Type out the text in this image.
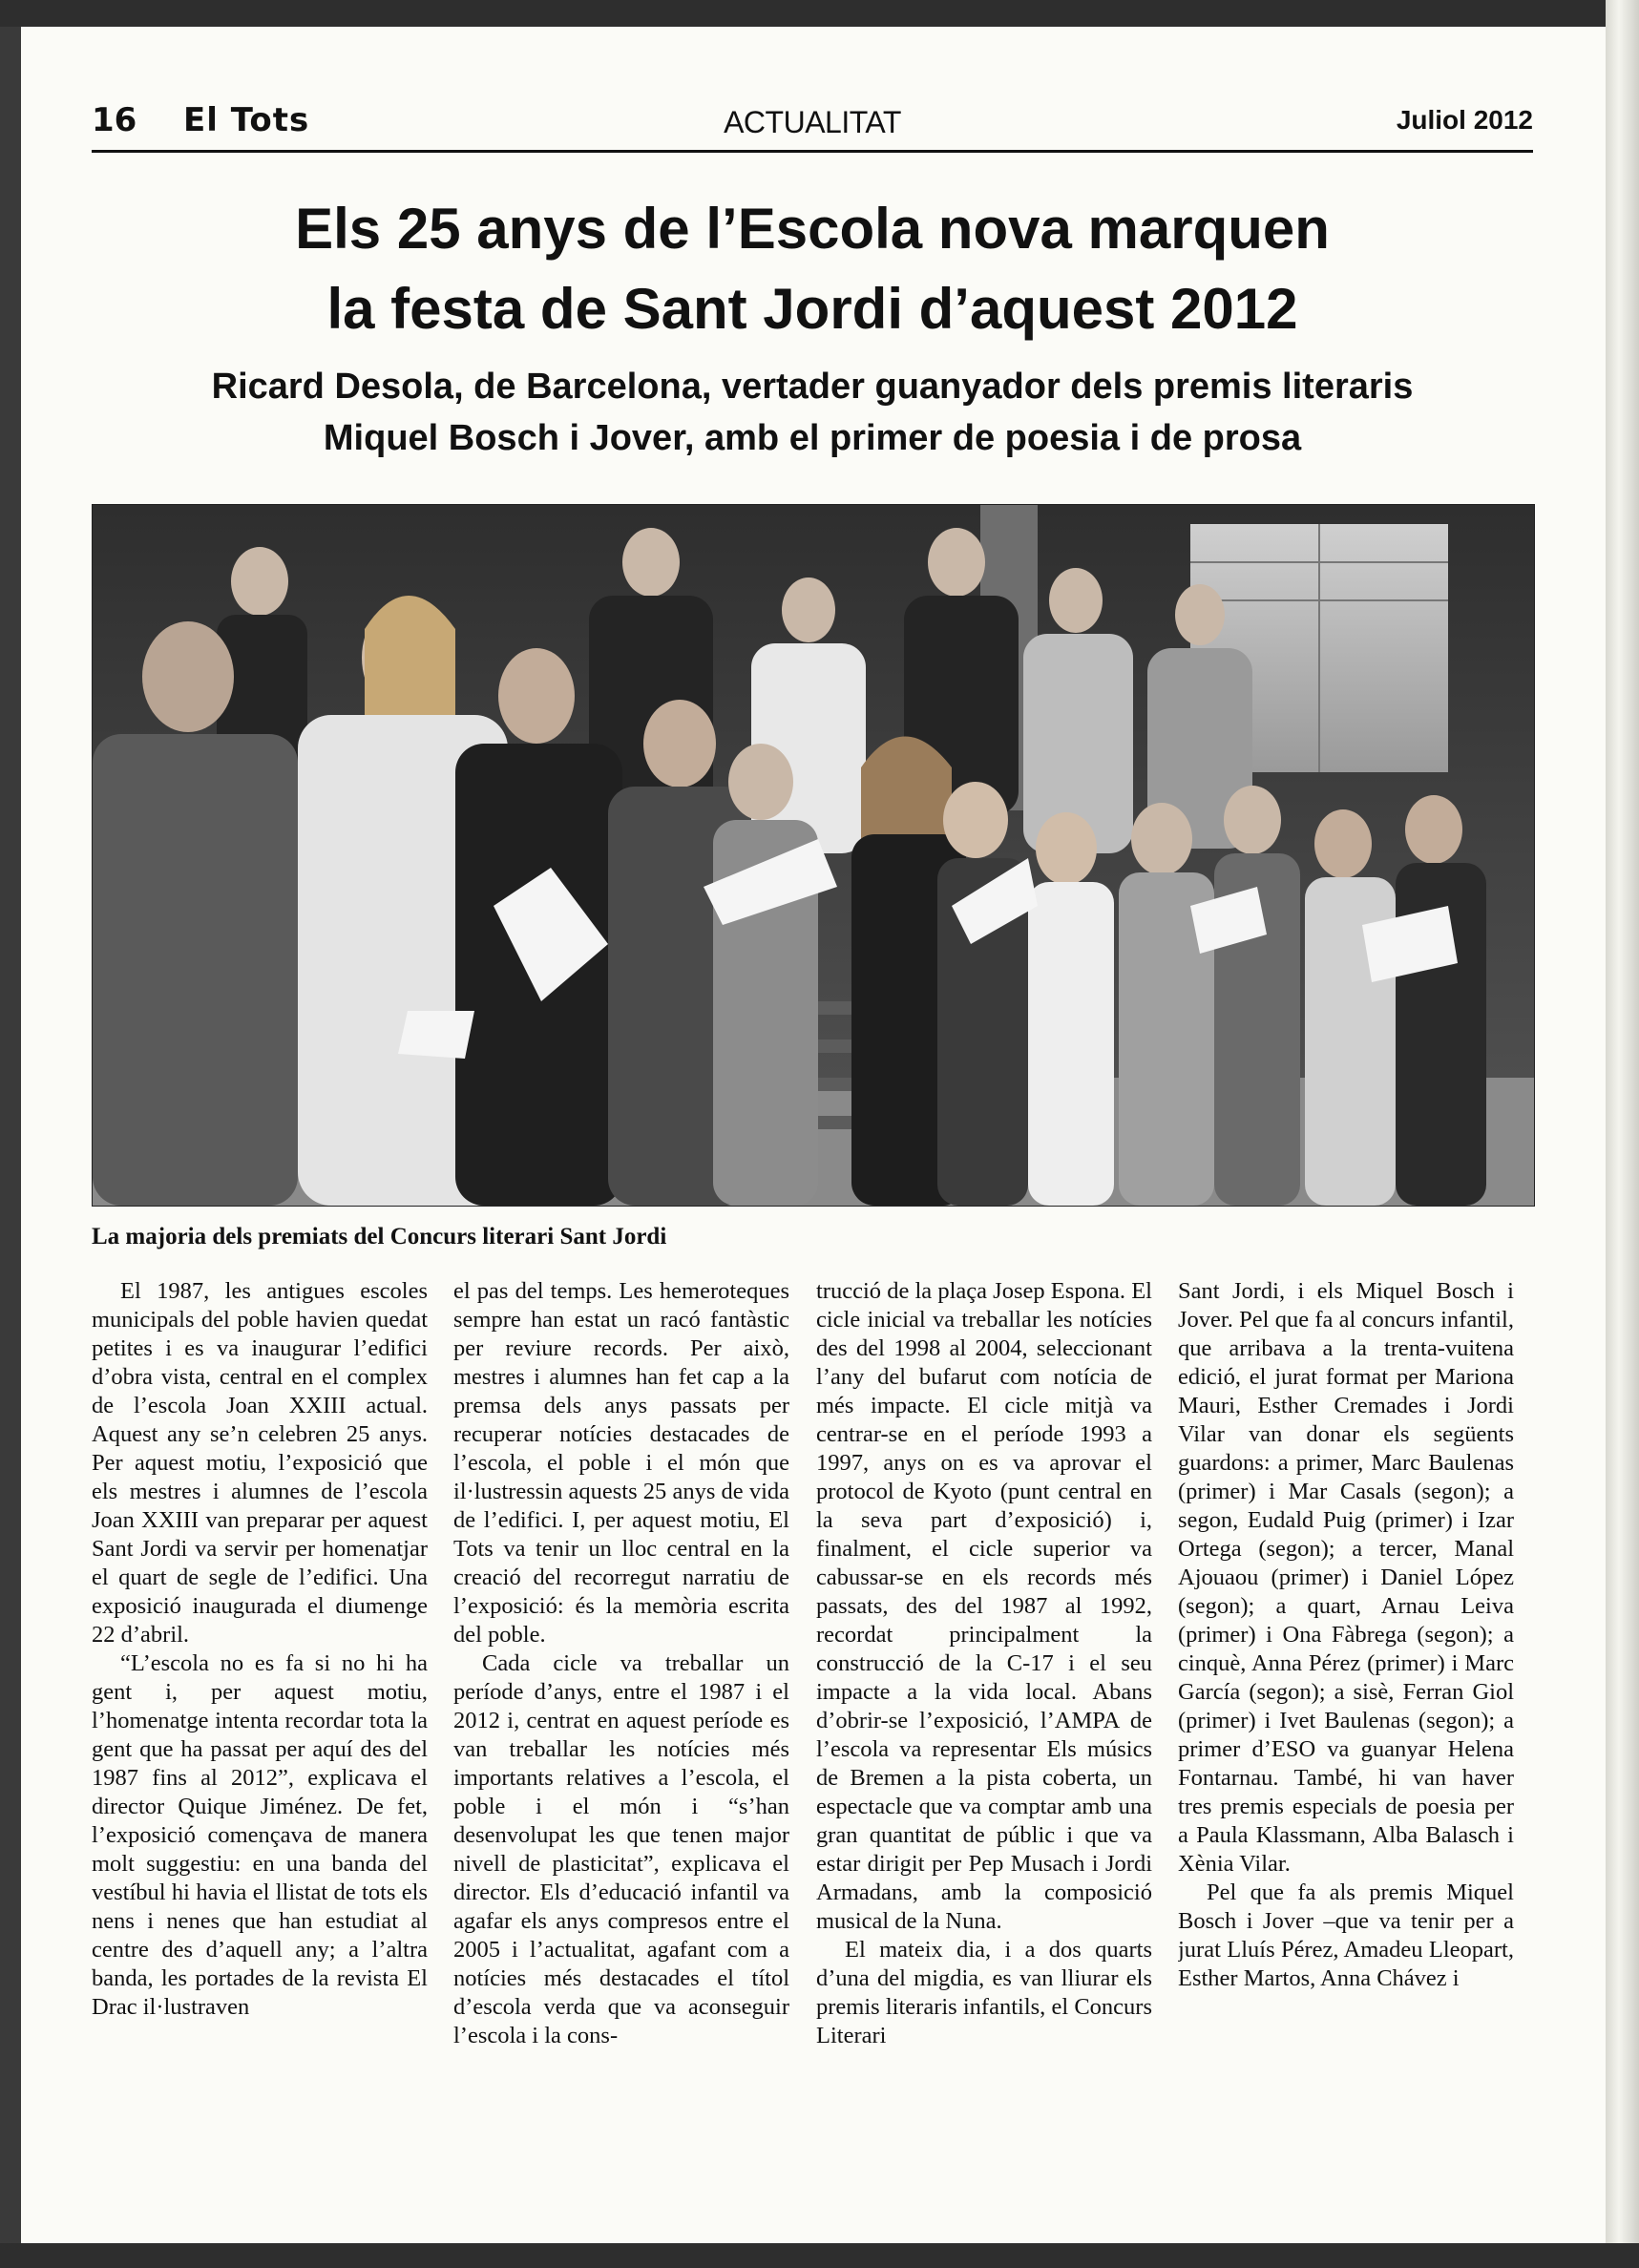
16 El Tots	ACTUALITAT	Juliol 2012
Els 25 anys de l’Escola nova marquen
la festa de Sant Jordi d’aquest 2012
Ricard Desola, de Barcelona, vertader guanyador dels premis literaris
Miquel Bosch i Jover, amb el primer de poesia i de prosa
La majoria dels premiats del Concurs literari Sant Jordi

El 1987, les antigues escoles municipals del poble havien quedat petites i es va inaugurar l’edifici d’obra vista, central en el complex de l’escola Joan XXIII actual. Aquest any se’n celebren 25 anys. Per aquest motiu, l’exposició que els mestres i alumnes de l’escola Joan XXIII van preparar per aquest Sant Jordi va servir per homenatjar el quart de segle de l’edifici. Una exposició inaugurada el diumenge 22 d’abril.

“L’escola no es fa si no hi ha gent i, per aquest motiu, l’homenatge intenta recordar tota la gent que ha passat per aquí des del 1987 fins al 2012”, explicava el director Quique Jiménez. De fet, l’exposició començava de manera molt suggestiu: en una banda del vestíbul hi havia el llistat de tots els nens i nenes que han estudiat al centre des d’aquell any; a l’altra banda, les portades de la revista El Drac il·lustraven

el pas del temps. Les hemeroteques sempre han estat un racó fantàstic per reviure records. Per això, mestres i alumnes han fet cap a la premsa dels anys passats per recuperar notícies destacades de l’escola, el poble i el món que il·lustressin aquests 25 anys de vida de l’edifici. I, per aquest motiu, El Tots va tenir un lloc central en la creació del recorregut narratiu de l’exposició: és la memòria escrita del poble.

Cada cicle va treballar un període d’anys, entre el 1987 i el 2012 i, centrat en aquest període es van treballar les notícies més importants relatives a l’escola, el poble i el món i “s’han desenvolupat les que tenen major nivell de plasticitat”, explicava el director. Els d’educació infantil va agafar els anys compresos entre el 2005 i l’actualitat, agafant com a notícies més destacades el títol d’escola verda que va aconseguir l’escola i la cons-

trucció de la plaça Josep Espona. El cicle inicial va treballar les notícies des del 1998 al 2004, seleccionant l’any del bufarut com notícia de més impacte. El cicle mitjà va centrar-se en el període 1993 a 1997, anys on es va aprovar el protocol de Kyoto (punt central en la seva part d’exposició) i, finalment, el cicle superior va cabussar-se en els records més passats, des del 1987 al 1992, recordat principalment la construcció de la C-17 i el seu impacte a la vida local. Abans d’obrir-se l’exposició, l’AMPA de l’escola va representar Els músics de Bremen a la pista coberta, un espectacle que va comptar amb una gran quantitat de públic i que va estar dirigit per Pep Musach i Jordi Armadans, amb la composició musical de la Nuna.

El mateix dia, i a dos quarts d’una del migdia, es van lliurar els premis literaris infantils, el Concurs Literari

Sant Jordi, i els Miquel Bosch i Jover. Pel que fa al concurs infantil, que arribava a la trenta-vuitena edició, el jurat format per Mariona Mauri, Esther Cremades i Jordi Vilar van donar els següents guardons: a primer, Marc Baulenas (primer) i Mar Casals (segon); a segon, Eudald Puig (primer) i Izar Ortega (segon); a tercer, Manal Ajouaou (primer) i Daniel López (segon); a quart, Arnau Leiva (primer) i Ona Fàbrega (segon); a cinquè, Anna Pérez (primer) i Marc García (segon); a sisè, Ferran Giol (primer) i Ivet Baulenas (segon); a primer d’ESO va guanyar Helena Fontarnau. També, hi van haver tres premis especials de poesia per a Paula Klassmann, Alba Balasch i Xènia Vilar.

Pel que fa als premis Miquel Bosch i Jover –que va tenir per a jurat Lluís Pérez, Amadeu Lleopart, Esther Martos, Anna Chávez i
